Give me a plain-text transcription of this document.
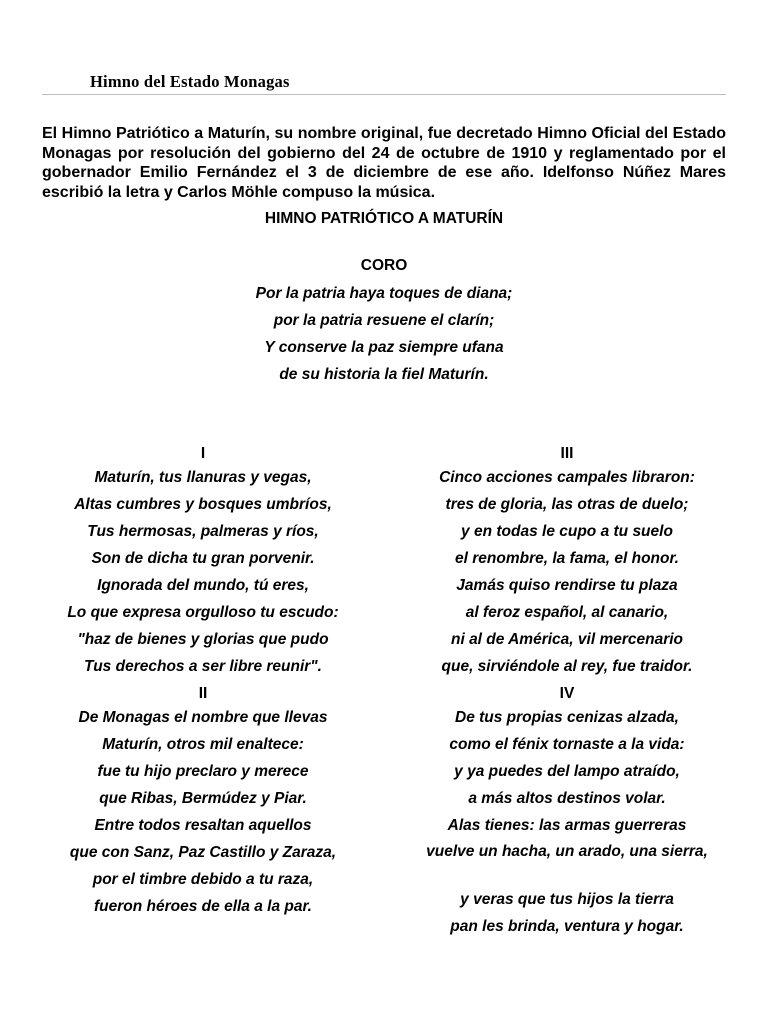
Himno del Estado Monagas

El Himno Patriótico a Maturín, su nombre original, fue decretado Himno Oficial del Estado Monagas por resolución del gobierno del 24 de octubre de 1910 y reglamentado por el gobernador Emilio Fernández el 3 de diciembre de ese año. Idelfonso Núñez Mares escribió la letra y Carlos Möhle compuso la música.

HIMNO PATRIÓTICO A MATURÍN
CORO
Por la patria haya toques de diana;
por la patria resuene el clarín;
Y conserve la paz siempre ufana
de su historia la fiel Maturín.
I
Maturín, tus llanuras y vegas,
Altas cumbres y bosques umbríos,
Tus hermosas, palmeras y ríos,
Son de dicha tu gran porvenir.
Ignorada del mundo, tú eres,
Lo que expresa orgulloso tu escudo:
"haz de bienes y glorias que pudo
Tus derechos a ser libre reunir".
II
De Monagas el nombre que llevas
Maturín, otros mil enaltece:
fue tu hijo preclaro y merece
que Ribas, Bermúdez y Piar.
Entre todos resaltan aquellos
que con Sanz, Paz Castillo y Zaraza,
por el timbre debido a tu raza,
fueron héroes de ella a la par.
III
Cinco acciones campales libraron:
tres de gloria, las otras de duelo;
y en todas le cupo a tu suelo
el renombre, la fama, el honor.
Jamás quiso rendirse tu plaza
al feroz español, al canario,
ni al de América, vil mercenario
que, sirviéndole al rey, fue traidor.
IV
De tus propias cenizas alzada,
como el fénix tornaste a la vida:
y ya puedes del lampo atraído,
a más altos destinos volar.
Alas tienes: las armas guerreras
vuelve un hacha, un arado, una sierra,
y veras que tus hijos la tierra
pan les brinda, ventura y hogar.
